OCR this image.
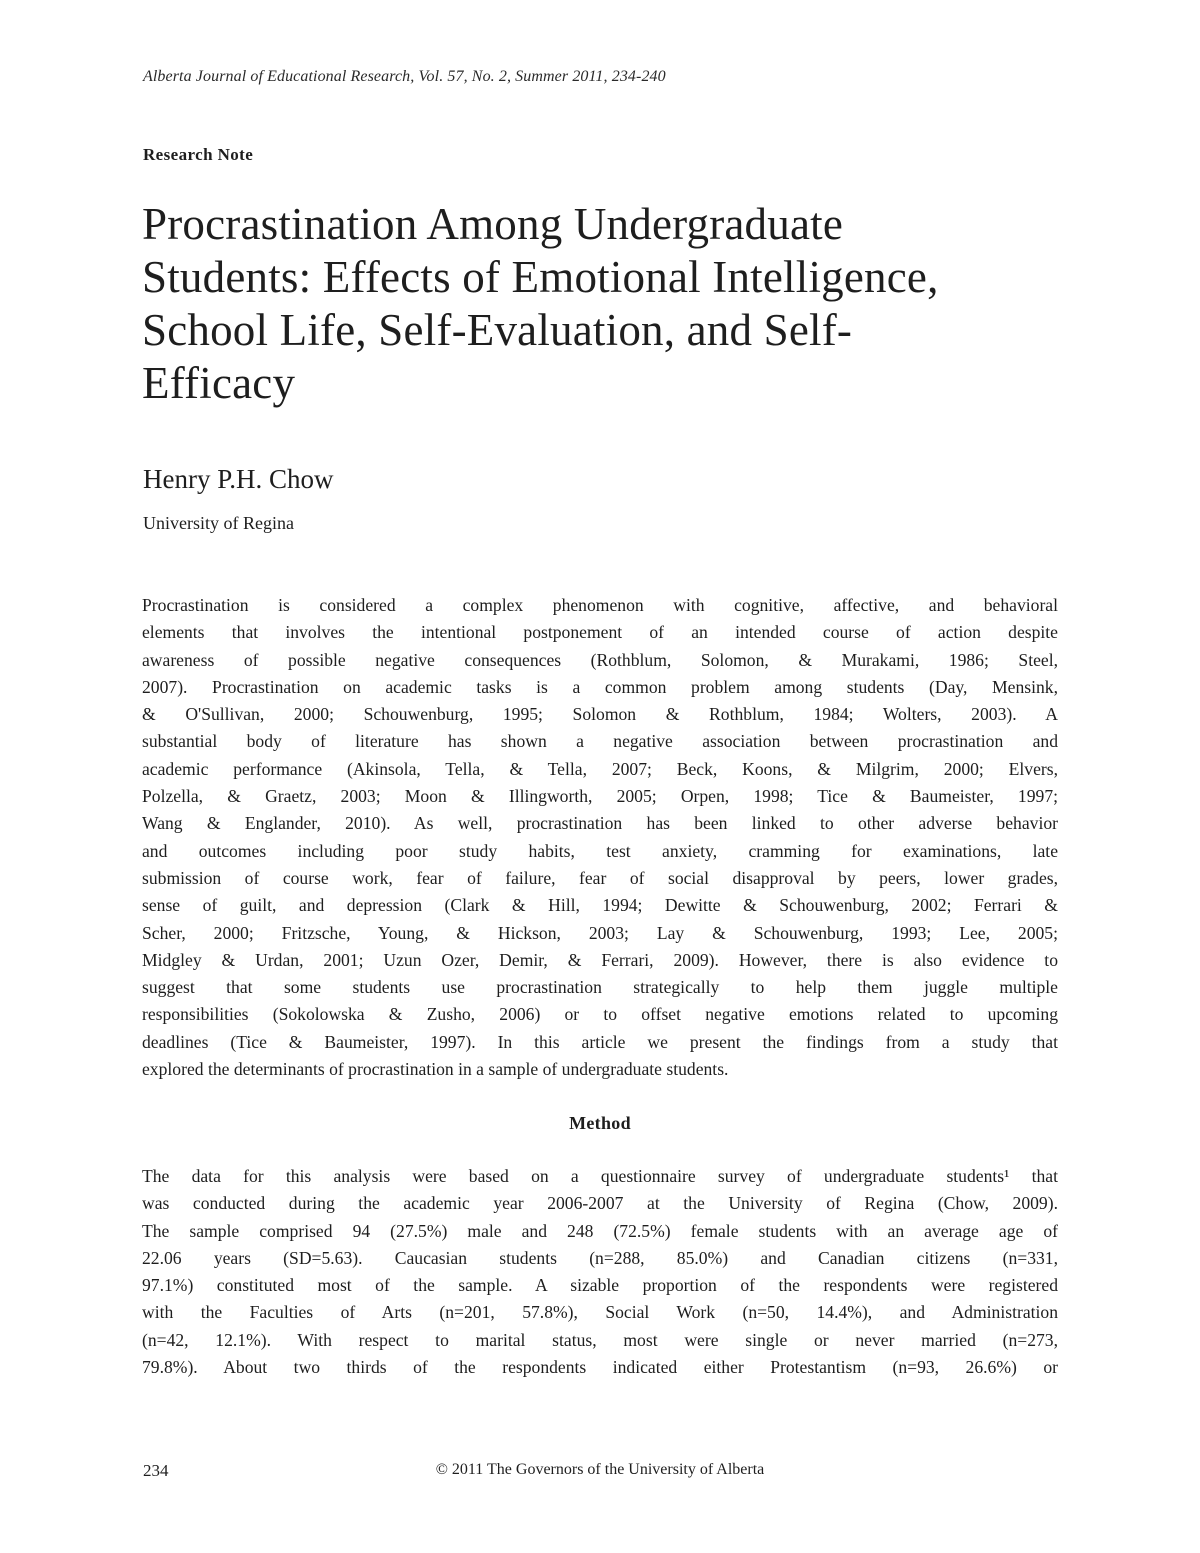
Alberta Journal of Educational Research, Vol. 57, No. 2, Summer 2011, 234-240
Research Note
Procrastination Among Undergraduate
Students: Effects of Emotional Intelligence,
School Life, Self-Evaluation, and Self-
Efficacy
Henry P.H. Chow
University of Regina
Procrastination is considered a complex phenomenon with cognitive, affective, and behavioral
elements that involves the intentional postponement of an intended course of action despite
awareness of possible negative consequences (Rothblum, Solomon, & Murakami, 1986; Steel,
2007). Procrastination on academic tasks is a common problem among students (Day, Mensink,
& O'Sullivan, 2000; Schouwenburg, 1995; Solomon & Rothblum, 1984; Wolters, 2003). A
substantial body of literature has shown a negative association between procrastination and
academic performance (Akinsola, Tella, & Tella, 2007; Beck, Koons, & Milgrim, 2000; Elvers,
Polzella, & Graetz, 2003; Moon & Illingworth, 2005; Orpen, 1998; Tice & Baumeister, 1997;
Wang & Englander, 2010). As well, procrastination has been linked to other adverse behavior
and outcomes including poor study habits, test anxiety, cramming for examinations, late
submission of course work, fear of failure, fear of social disapproval by peers, lower grades,
sense of guilt, and depression (Clark & Hill, 1994; Dewitte & Schouwenburg, 2002; Ferrari &
Scher, 2000; Fritzsche, Young, & Hickson, 2003; Lay & Schouwenburg, 1993; Lee, 2005;
Midgley & Urdan, 2001; Uzun Ozer, Demir, & Ferrari, 2009). However, there is also evidence to
suggest that some students use procrastination strategically to help them juggle multiple
responsibilities (Sokolowska & Zusho, 2006) or to offset negative emotions related to upcoming
deadlines (Tice & Baumeister, 1997). In this article we present the findings from a study that
explored the determinants of procrastination in a sample of undergraduate students.
Method
The data for this analysis were based on a questionnaire survey of undergraduate students¹ that
was conducted during the academic year 2006-2007 at the University of Regina (Chow, 2009).
The sample comprised 94 (27.5%) male and 248 (72.5%) female students with an average age of
22.06 years (SD=5.63). Caucasian students (n=288, 85.0%) and Canadian citizens (n=331,
97.1%) constituted most of the sample. A sizable proportion of the respondents were registered
with the Faculties of Arts (n=201, 57.8%), Social Work (n=50, 14.4%), and Administration
(n=42, 12.1%). With respect to marital status, most were single or never married (n=273,
79.8%). About two thirds of the respondents indicated either Protestantism (n=93, 26.6%) or
234	© 2011 The Governors of the University of Alberta
